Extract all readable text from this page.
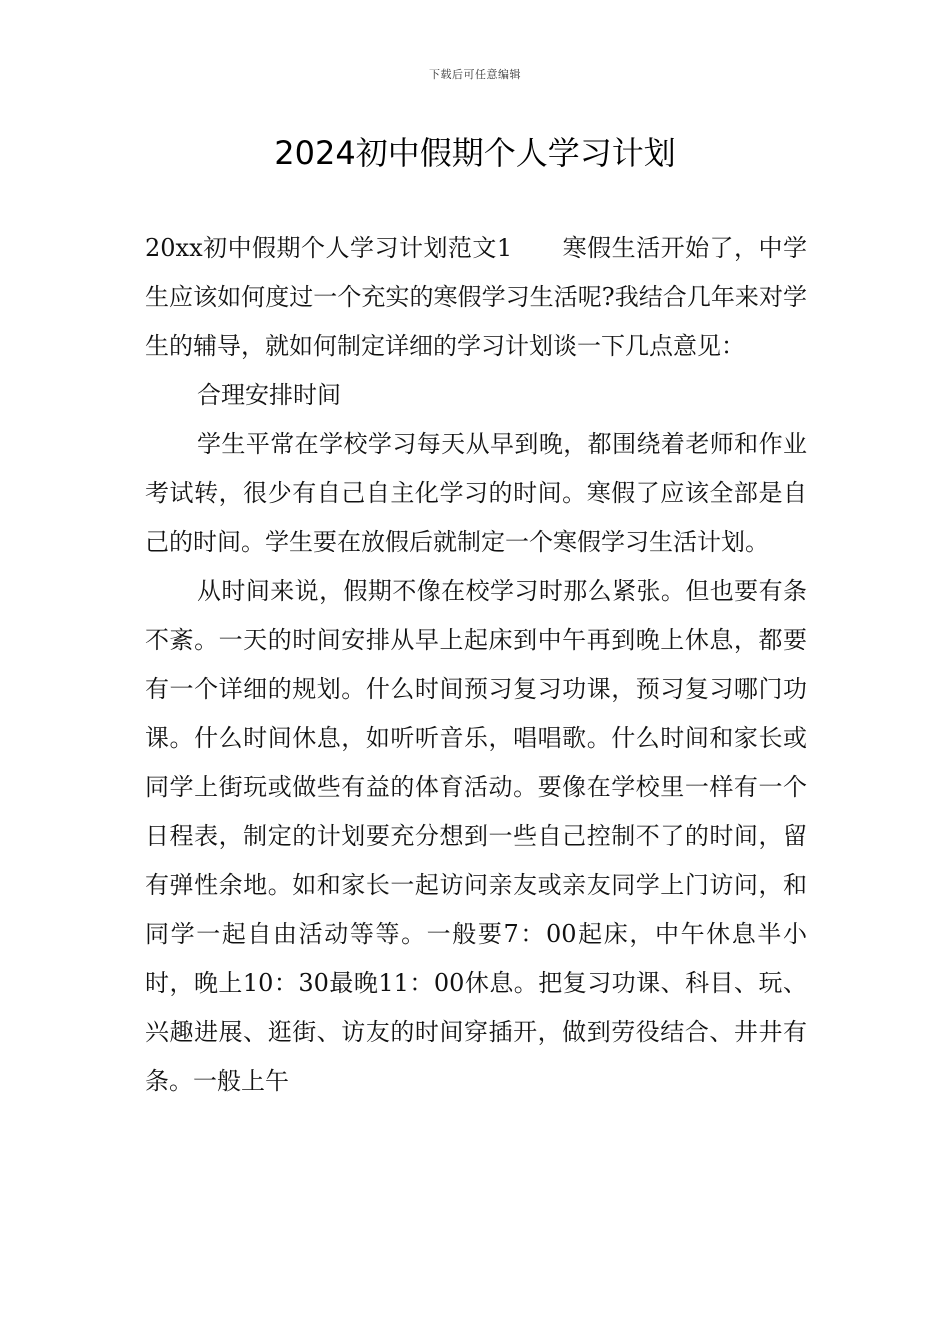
下载后可任意编辑
2024初中假期个人学习计划

20xx初中假期个人学习计划范文1 寒假生活开始了，中学生应该如何度过一个充实的寒假学习生活呢?我结合几年来对学生的辅导，就如何制定详细的学习计划谈一下几点意见：

合理安排时间

学生平常在学校学习每天从早到晚，都围绕着老师和作业考试转，很少有自己自主化学习的时间。寒假了应该全部是自己的时间。学生要在放假后就制定一个寒假学习生活计划。

从时间来说，假期不像在校学习时那么紧张。但也要有条不紊。一天的时间安排从早上起床到中午再到晚上休息，都要有一个详细的规划。什么时间预习复习功课，预习复习哪门功课。什么时间休息，如听听音乐，唱唱歌。什么时间和家长或同学上街玩或做些有益的体育活动。要像在学校里一样有一个日程表，制定的计划要充分想到一些自己控制不了的时间，留有弹性余地。如和家长一起访问亲友或亲友同学上门访问，和同学一起自由活动等等。一般要7：00起床，中午休息半小时，晚上10：30最晚11：00休息。把复习功课、科目、玩、兴趣进展、逛街、访友的时间穿插开，做到劳役结合、井井有条。一般上午
